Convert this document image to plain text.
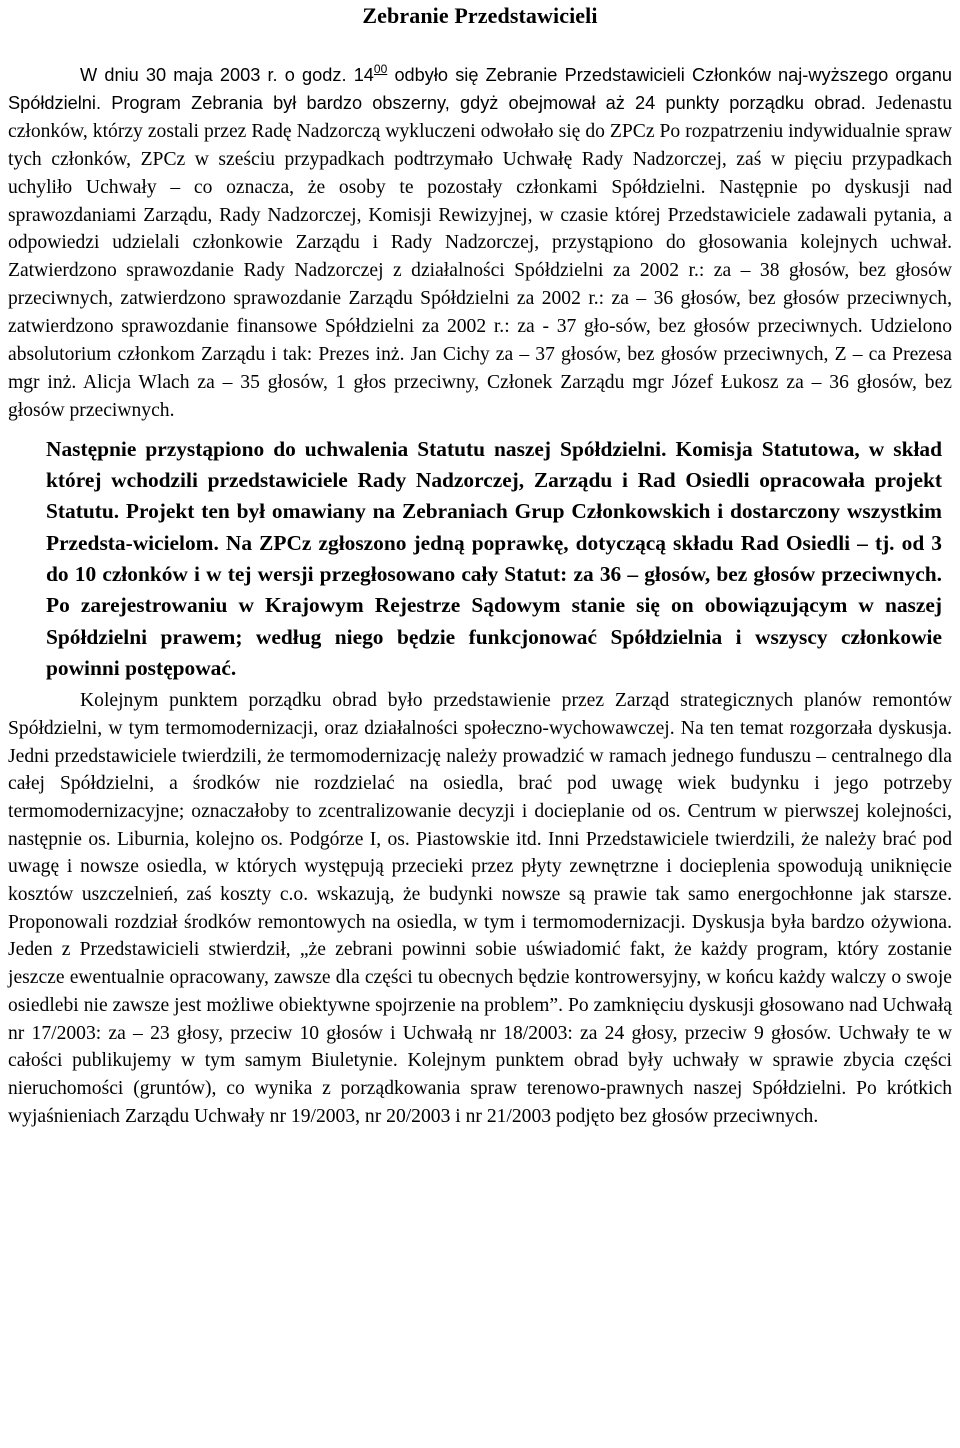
Zebranie Przedstawicieli

W dniu 30 maja 2003 r. o godz. $14^{00}$ odbyło się Zebranie Przedstawicieli Członków naj-wyższego organu Spółdzielni. Program Zebrania był bardzo obszerny, gdyż obejmował aż 24 punkty porządku obrad. Jedenastu członków, którzy zostali przez Radę Nadzorczą wykluczeni odwołało się do ZPCz Po rozpatrzeniu indywidualnie spraw tych członków, ZPCz w sześciu przypadkach podtrzymało Uchwałę Rady Nadzorczej, zaś w pięciu przypadkach uchyliło Uchwały – co oznacza, że osoby te pozostały członkami Spółdzielni. Następnie po dyskusji nad sprawozdaniami Zarządu, Rady Nadzorczej, Komisji Rewizyjnej, w czasie której Przedstawiciele zadawali pytania, a odpowiedzi udzielali członkowie Zarządu i Rady Nadzorczej, przystąpiono do głosowania kolejnych uchwał. Zatwierdzono sprawozdanie Rady Nadzorczej z działalności Spółdzielni za 2002 r.: za – 38 głosów, bez głosów przeciwnych, zatwierdzono sprawozdanie Zarządu Spółdzielni za 2002 r.: za – 36 głosów, bez głosów przeciwnych, zatwierdzono sprawozdanie finansowe Spółdzielni za 2002 r.: za - 37 gło-sów, bez głosów przeciwnych. Udzielono absolutorium członkom Zarządu i tak: Prezes inż. Jan Cichy za – 37 głosów, bez głosów przeciwnych, Z – ca Prezesa mgr inż. Alicja Wlach za – 35 głosów, 1 głos przeciwny, Członek Zarządu mgr Józef Łukosz za – 36 głosów, bez głosów przeciwnych.

Następnie przystąpiono do uchwalenia Statutu naszej Spółdzielni. Komisja Statutowa, w skład której wchodzili przedstawiciele Rady Nadzorczej, Zarządu i Rad Osiedli opracowała projekt Statutu. Projekt ten był omawiany na Zebraniach Grup Członkowskich i dostarczony wszystkim Przedsta-wicielom. Na ZPCz zgłoszono jedną poprawkę, dotyczącą składu Rad Osiedli – tj. od 3 do 10 członków i w tej wersji przegłosowano cały Statut: za 36 – głosów, bez głosów przeciwnych. Po zarejestrowaniu w Krajowym Rejestrze Sądowym stanie się on obowiązującym w naszej Spółdzielni prawem; według niego będzie funkcjonować Spółdzielnia i wszyscy członkowie powinni postępować.

Kolejnym punktem porządku obrad było przedstawienie przez Zarząd strategicznych planów remontów Spółdzielni, w tym termomodernizacji, oraz działalności społeczno-wychowawczej. Na ten temat rozgorzała dyskusja. Jedni przedstawiciele twierdzili, że termomodernizację należy prowadzić w ramach jednego funduszu – centralnego dla całej Spółdzielni, a środków nie rozdzielać na osiedla, brać pod uwagę wiek budynku i jego potrzeby termomodernizacyjne; oznaczałoby to zcentralizowanie decyzji i docieplanie od os. Centrum w pierwszej kolejności, następnie os. Liburnia, kolejno os. Podgórze I, os. Piastowskie itd. Inni Przedstawiciele twierdzili, że należy brać pod uwagę i nowsze osiedla, w których występują przecieki przez płyty zewnętrzne i docieplenia spowodują uniknięcie kosztów uszczelnień, zaś koszty c.o. wskazują, że budynki nowsze są prawie tak samo energochłonne jak starsze. Proponowali rozdział środków remontowych na osiedla, w tym i termomodernizacji. Dyskusja była bardzo ożywiona. Jeden z Przedstawicieli stwierdził, „że zebrani powinni sobie uświadomić fakt, że każdy program, który zostanie jeszcze ewentualnie opracowany, zawsze dla części tu obecnych będzie kontrowersyjny, w końcu każdy walczy o swoje osiedlebi nie zawsze jest możliwe obiektywne spojrzenie na problem”. Po zamknięciu dyskusji głosowano nad Uchwałą nr 17/2003: za – 23 głosy, przeciw 10 głosów i Uchwałą nr 18/2003: za 24 głosy, przeciw 9 głosów. Uchwały te w całości publikujemy w tym samym Biuletynie. Kolejnym punktem obrad były uchwały w sprawie zbycia części nieruchomości (gruntów), co wynika z porządkowania spraw terenowo-prawnych naszej Spółdzielni. Po krótkich wyjaśnieniach Zarządu Uchwały nr 19/2003, nr 20/2003 i nr 21/2003 podjęto bez głosów przeciwnych.
